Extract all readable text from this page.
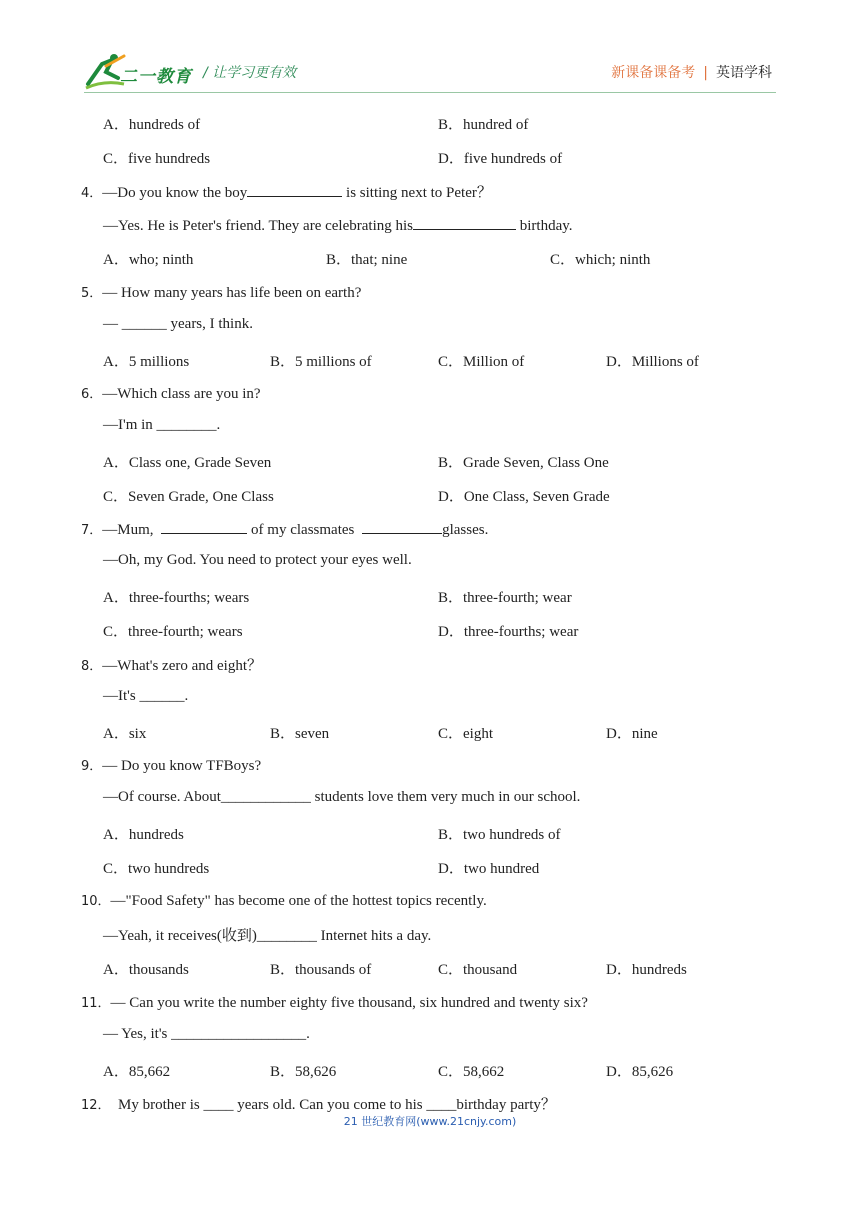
二一教育 / 让学习更有效	新课备课备考 | 英语学科
A．hundreds of	B．hundred of
C．five hundreds	D．five hundreds of
4．—Do you know the boy	is sitting next to Peter？
—Yes. He is Peter's friend. They are celebrating his	birthday.
A．who; ninth	B．that; nine	C．which; ninth
5．— How many years has life been on earth?
— ______ years, I think.
A．5 millions	B．5 millions of	C．Million of	D．Millions of
6．—Which class are you in?
—I'm in ________.
A．Class one, Grade Seven	B．Grade Seven, Class One
C．Seven Grade, One Class	D．One Class, Seven Grade
7．—Mum,	of my classmates	glasses.
—Oh, my God. You need to protect your eyes well.
A．three-fourths; wears	B．three-fourth; wear
C．three-fourth; wears	D．three-fourths; wear
8．—What's zero and eight？
—It's ______.
A．six	B．seven	C．eight	D．nine
9．— Do you know TFBoys?
—Of course. About____________ students love them very much in our school.
A．hundreds	B．two hundreds of
C．two hundreds	D．two hundred
10．—"Food Safety" has become one of the hottest topics recently.
—Yeah, it receives(收到)________ Internet hits a day.
A．thousands	B．thousands of	C．thousand	D．hundreds
11．— Can you write the number eighty five thousand, six hundred and twenty six?
— Yes, it's __________________.
A．85,662	B．58,626	C．58,662	D．85,626
12．  My brother is ____ years old. Can you come to his ____birthday party？
21 世纪教育网(www.21cnjy.com)
